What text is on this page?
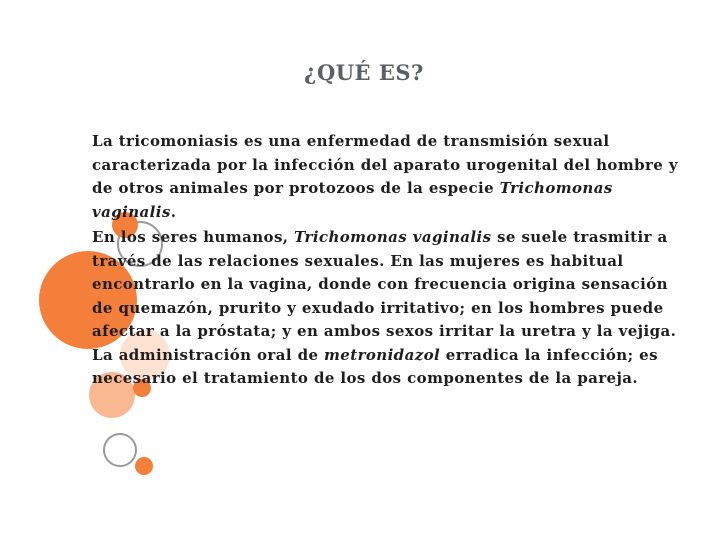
¿QUÉ ES?

La tricomoniasis es una enfermedad de transmisión sexual caracterizada por la infección del aparato urogenital del hombre y de otros animales por protozoos de la especie Trichomonas vaginalis.

En los seres humanos, Trichomonas vaginalis se suele trasmitir a través de las relaciones sexuales. En las mujeres es habitual encontrarlo en la vagina, donde con frecuencia origina sensación de quemazón, prurito y exudado irritativo; en los hombres puede afectar a la próstata; y en ambos sexos irritar la uretra y la vejiga. La administración oral de metronidazol erradica la infección; es necesario el tratamiento de los dos componentes de la pareja.
